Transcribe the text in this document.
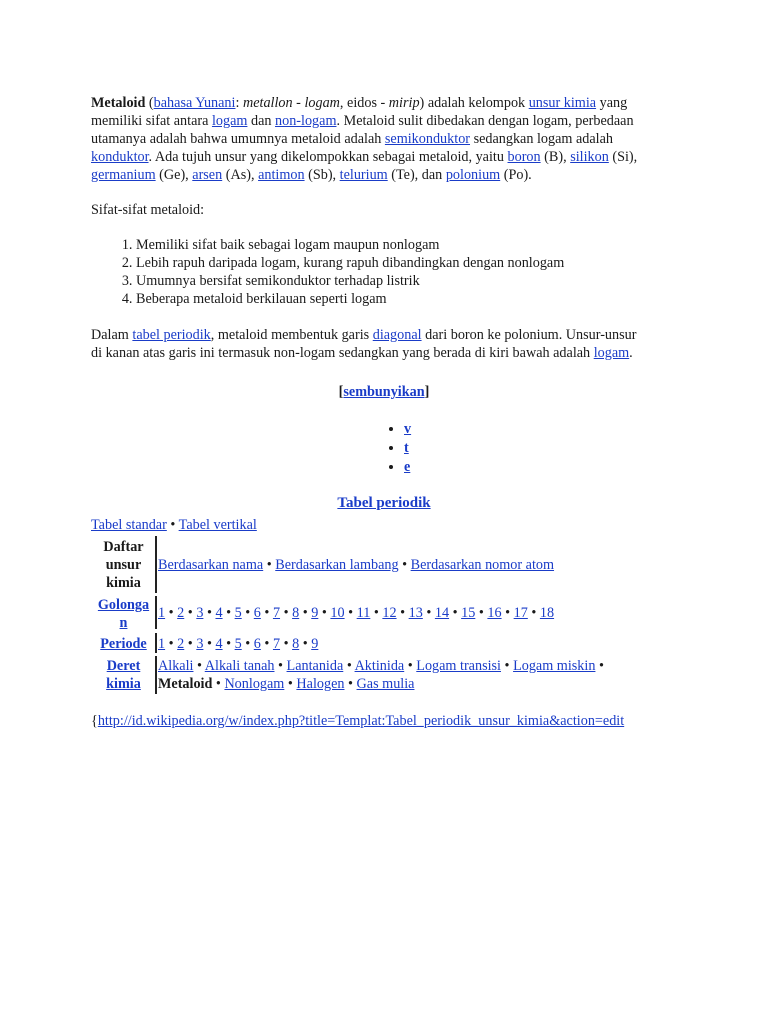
Metaloid (bahasa Yunani: metallon - logam, eidos - mirip) adalah kelompok unsur kimia yang

memiliki sifat antara logam dan non-logam. Metaloid sulit dibedakan dengan logam, perbedaan

utamanya adalah bahwa umumnya metaloid adalah semikonduktor sedangkan logam adalah

konduktor. Ada tujuh unsur yang dikelompokkan sebagai metaloid, yaitu boron (B), silikon (Si),

germanium (Ge), arsen (As), antimon (Sb), telurium (Te), dan polonium (Po).

Sifat-sifat metaloid:

1. Memiliki sifat baik sebagai logam maupun nonlogam
2. Lebih rapuh daripada logam, kurang rapuh dibandingkan dengan nonlogam
3. Umumnya bersifat semikonduktor terhadap listrik
4. Beberapa metaloid berkilauan seperti logam

Dalam tabel periodik, metaloid membentuk garis diagonal dari boron ke polonium. Unsur-unsur

di kanan atas garis ini termasuk non-logam sedangkan yang berada di kiri bawah adalah logam.

[sembunyikan]
• v
• t
• e
Tabel periodik
Tabel standar • Tabel vertikal
Daftar
unsur
kimia
Berdasarkan nama • Berdasarkan lambang • Berdasarkan nomor atom
Golonga
n
1 • 2 • 3 • 4 • 5 • 6 • 7 • 8 • 9 • 10 • 11 • 12 • 13 • 14 • 15 • 16 • 17 • 18
Periode 1 • 2 • 3 • 4 • 5 • 6 • 7 • 8 • 9
Deret
kimia
Alkali • Alkali tanah • Lantanida • Aktinida • Logam transisi • Logam miskin •
Metaloid • Nonlogam • Halogen • Gas mulia
{http://id.wikipedia.org/w/index.php?title=Templat:Tabel_periodik_unsur_kimia&action=edit
